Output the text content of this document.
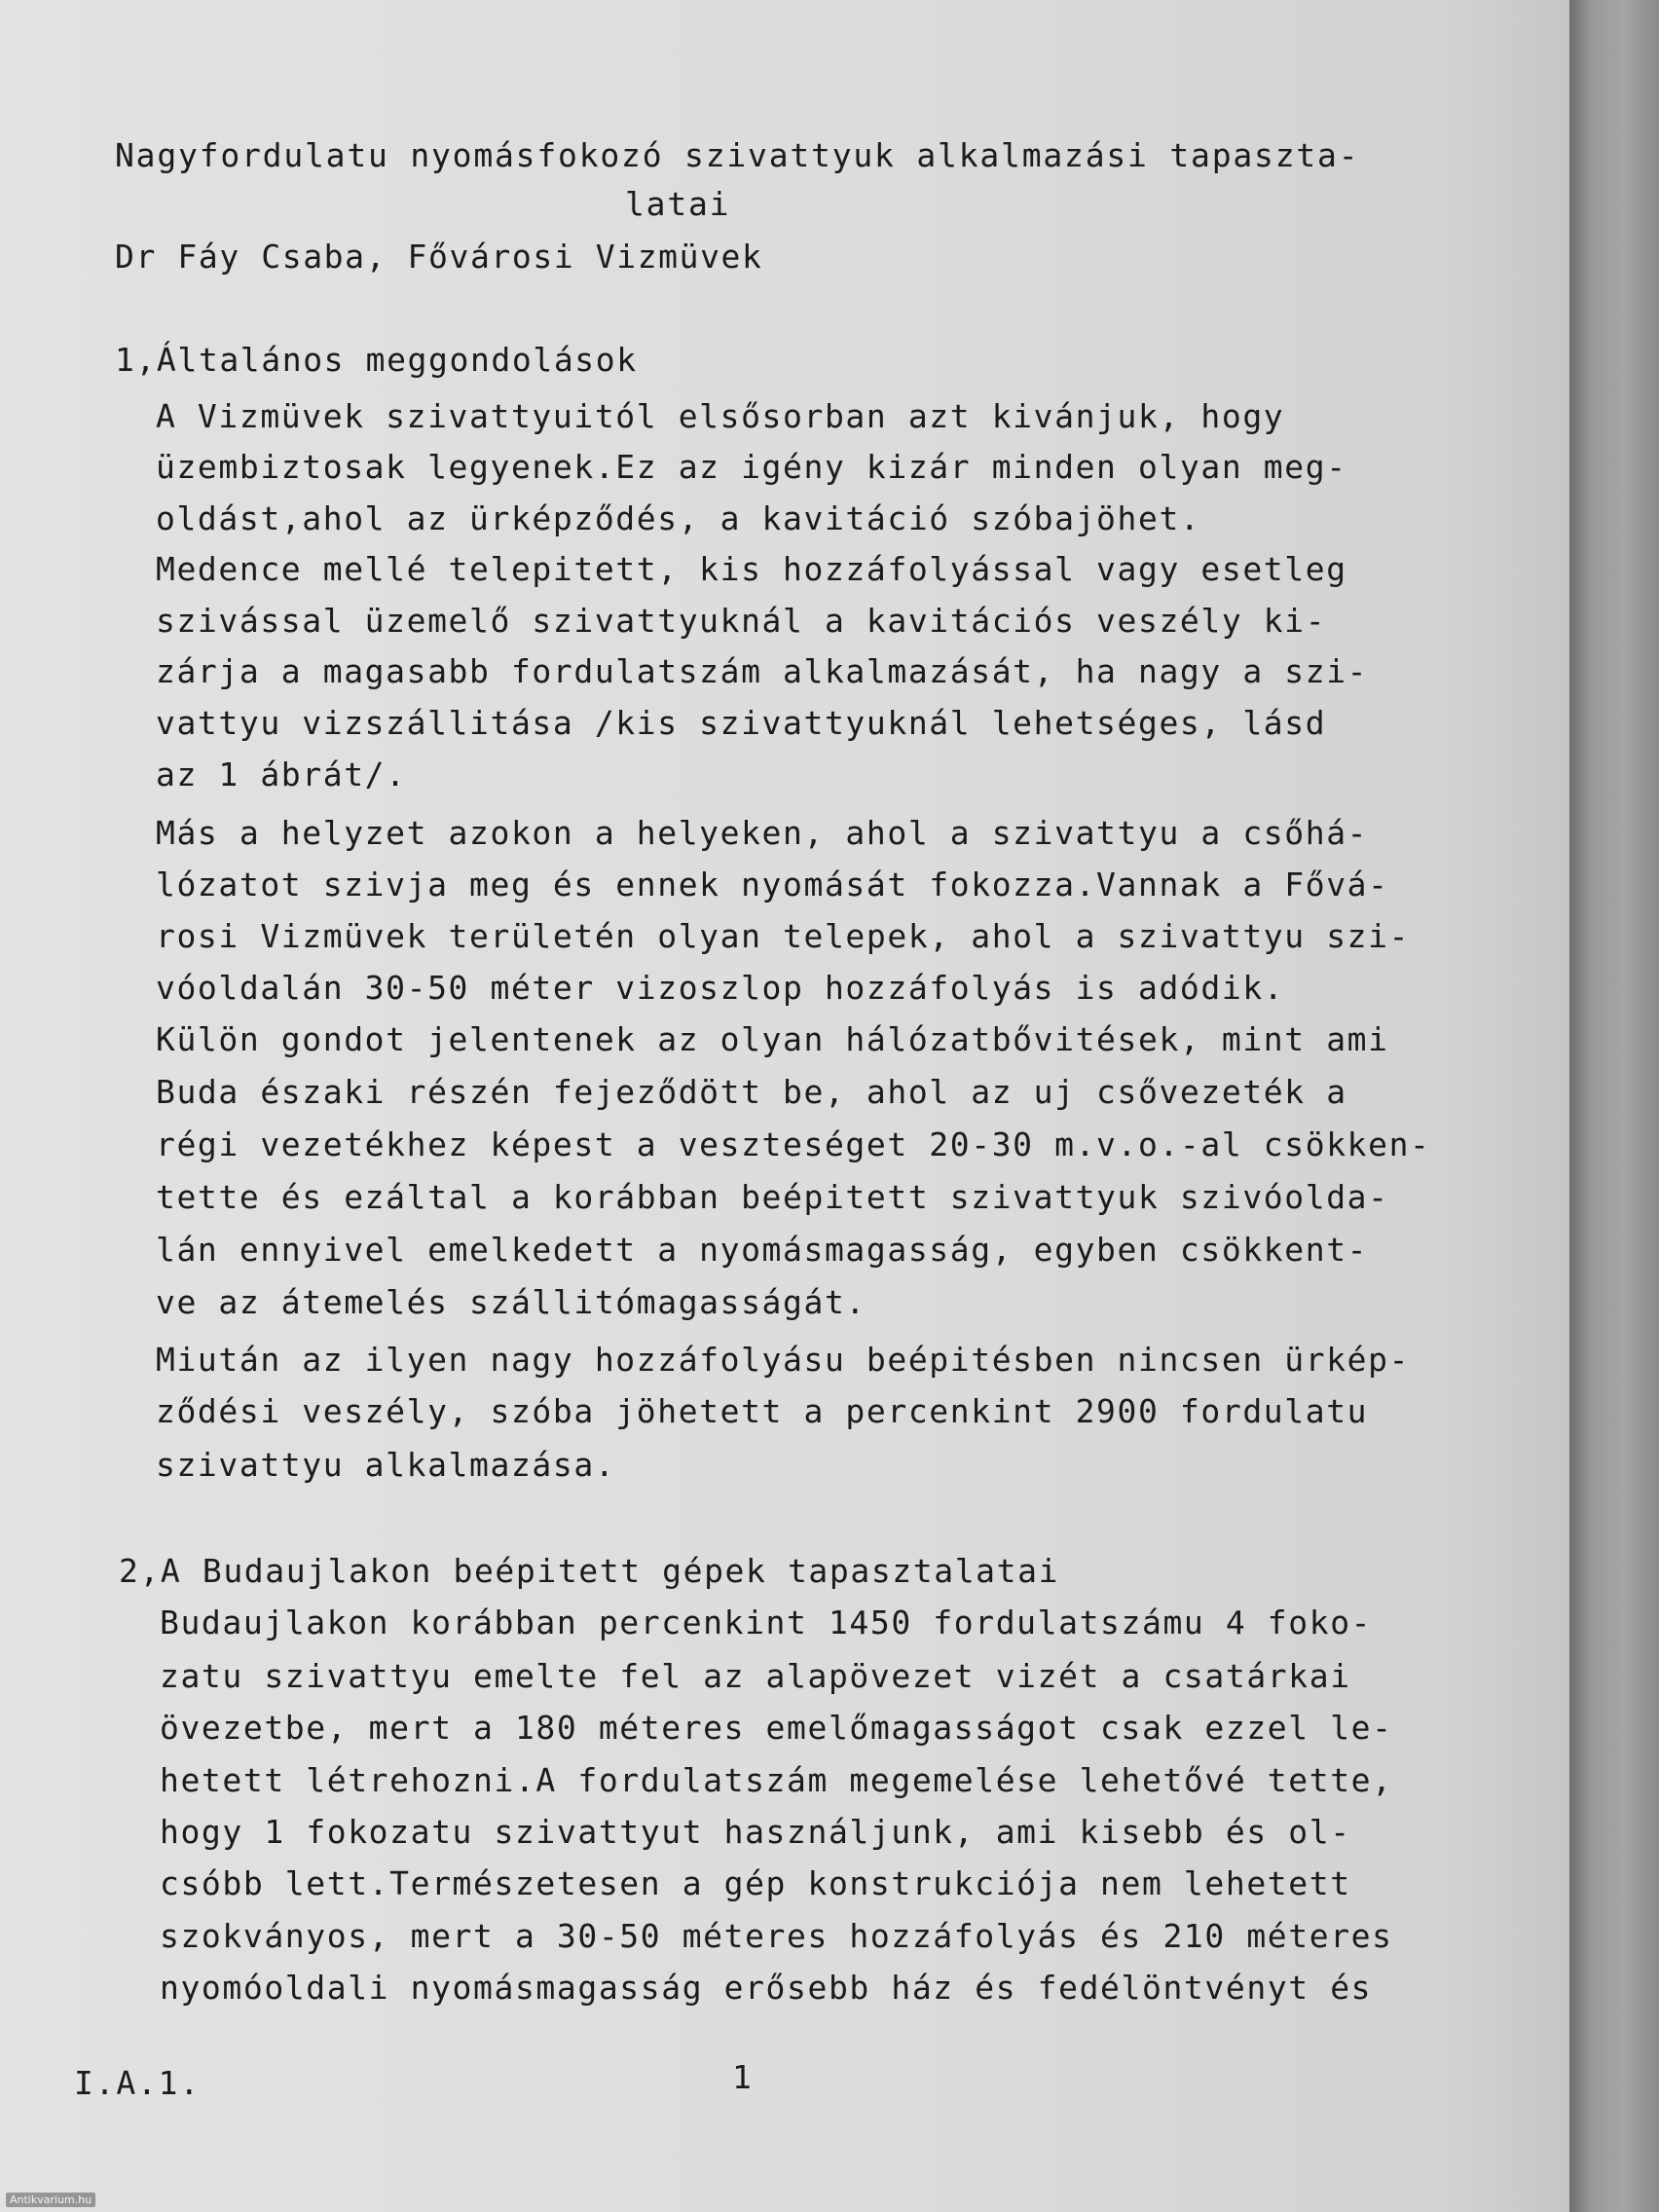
Nagyfordulatu nyomásfokozó szivattyuk alkalmazási tapaszta-

latai

Dr Fáy Csaba, Fővárosi Vizmüvek

1,Általános meggondolások

A Vizmüvek szivattyuitól elsősorban azt kivánjuk, hogy

üzembiztosak legyenek.Ez az igény kizár minden olyan meg-

oldást,ahol az ürképződés, a kavitáció szóbajöhet.

Medence mellé telepitett, kis hozzáfolyással vagy esetleg

szivással üzemelő szivattyuknál a kavitációs veszély ki-

zárja a magasabb fordulatszám alkalmazását, ha nagy a szi-

vattyu vizszállitása /kis szivattyuknál lehetséges, lásd

az 1 ábrát/.

Más a helyzet azokon a helyeken, ahol a szivattyu a csőhá-

lózatot szivja meg és ennek nyomását fokozza.Vannak a Fővá-

rosi Vizmüvek területén olyan telepek, ahol a szivattyu szi-

vóoldalán 30-50 méter vizoszlop hozzáfolyás is adódik.

Külön gondot jelentenek az olyan hálózatbővitések, mint ami

Buda északi részén fejeződött be, ahol az uj csővezeték a

régi vezetékhez képest a veszteséget 20-30 m.v.o.-al csökken-

tette és ezáltal a korábban beépitett szivattyuk szivóolda-

lán ennyivel emelkedett a nyomásmagasság, egyben csökkent-

ve az átemelés szállitómagasságát.

Miután az ilyen nagy hozzáfolyásu beépitésben nincsen ürkép-

ződési veszély, szóba jöhetett a percenkint 2900 fordulatu

szivattyu alkalmazása.

2,A Budaujlakon beépitett gépek tapasztalatai

Budaujlakon korábban percenkint 1450 fordulatszámu 4 foko-

zatu szivattyu emelte fel az alapövezet vizét a csatárkai

övezetbe, mert a 180 méteres emelőmagasságot csak ezzel le-

hetett létrehozni.A fordulatszám megemelése lehetővé tette,

hogy 1 fokozatu szivattyut használjunk, ami kisebb és ol-

csóbb lett.Természetesen a gép konstrukciója nem lehetett

szokványos, mert a 30-50 méteres hozzáfolyás és 210 méteres

nyomóoldali nyomásmagasság erősebb ház és fedélöntvényt és

I.A.1.	1

Antikvarium.hu
